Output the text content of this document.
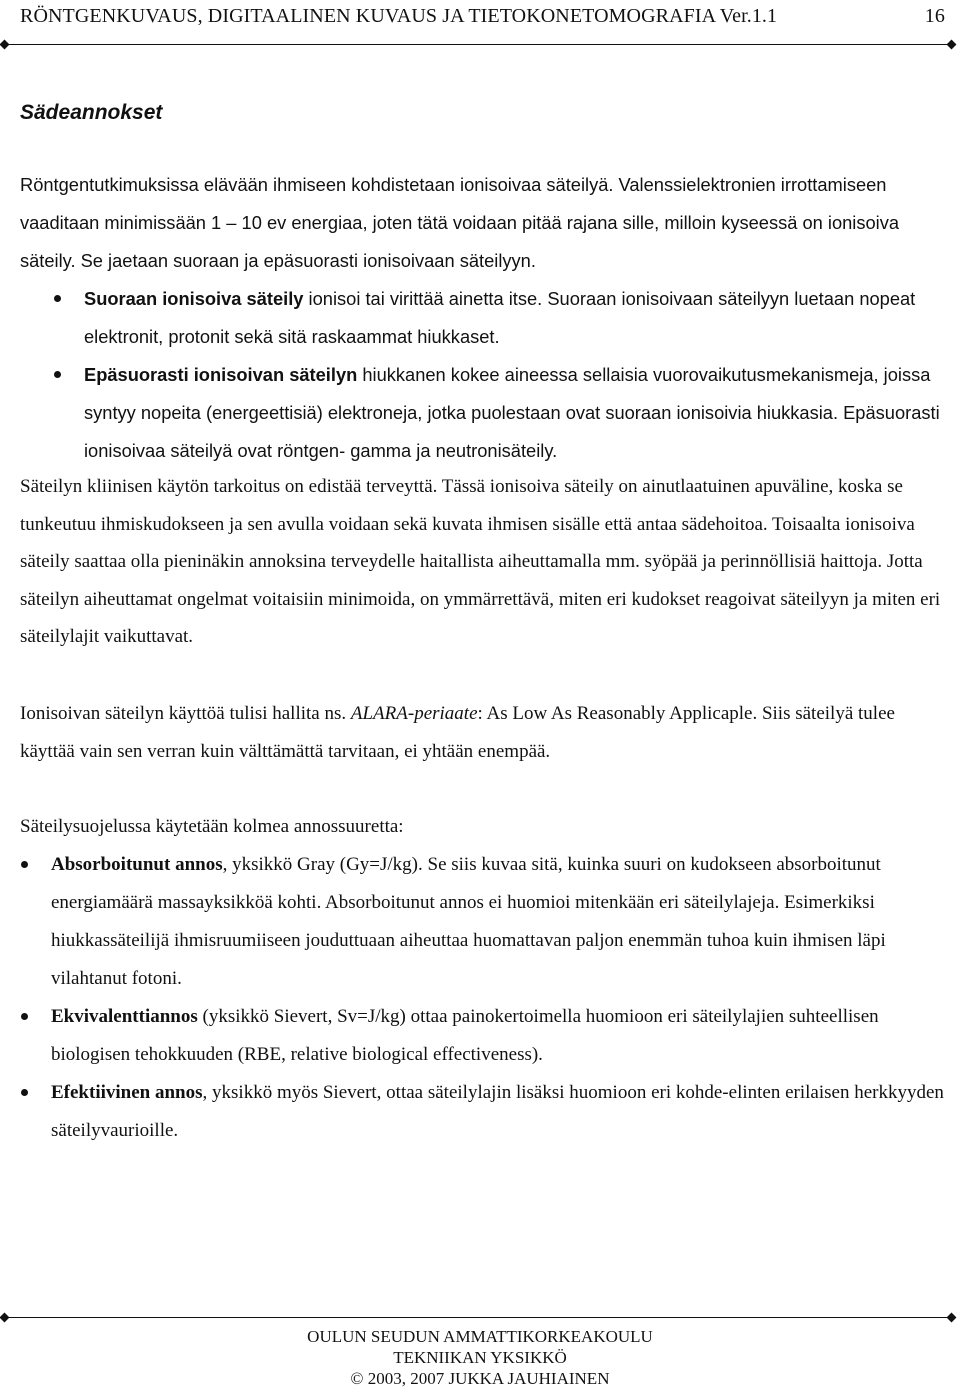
RÖNTGENKUVAUS, DIGITAALINEN KUVAUS JA TIETOKONETOMOGRAFIA Ver.1.1	16
Sädeannokset

Röntgentutkimuksissa elävään ihmiseen kohdistetaan ionisoivaa säteilyä. Valenssielektronien irrottamiseen vaaditaan minimissään 1 – 10 ev energiaa, joten tätä voidaan pitää rajana sille, milloin kyseessä on ionisoiva säteily. Se jaetaan suoraan ja epäsuorasti ionisoivaan säteilyyn.

Suoraan ionisoiva säteily ionisoi tai virittää ainetta itse. Suoraan ionisoivaan säteilyyn luetaan nopeat elektronit, protonit sekä sitä raskaammat hiukkaset.
Epäsuorasti ionisoivan säteilyn hiukkanen kokee aineessa sellaisia vuorovaikutusmekanismeja, joissa syntyy nopeita (energeettisiä) elektroneja, jotka puolestaan ovat suoraan ionisoivia hiukkasia. Epäsuorasti ionisoivaa säteilyä ovat röntgen- gamma ja neutronisäteily.

Säteilyn kliinisen käytön tarkoitus on edistää terveyttä. Tässä ionisoiva säteily on ainutlaatuinen apuväline, koska se tunkeutuu ihmiskudokseen ja sen avulla voidaan sekä kuvata ihmisen sisälle että antaa sädehoitoa. Toisaalta ionisoiva säteily saattaa olla pieninäkin annoksina terveydelle haitallista aiheuttamalla mm. syöpää ja perinnöllisiä haittoja. Jotta säteilyn aiheuttamat ongelmat voitaisiin minimoida, on ymmärrettävä, miten eri kudokset reagoivat säteilyyn ja miten eri säteilylajit vaikuttavat.

Ionisoivan säteilyn käyttöä tulisi hallita ns. ALARA-periaate: As Low As Reasonably Applicaple. Siis säteilyä tulee käyttää vain sen verran kuin välttämättä tarvitaan, ei yhtään enempää.

Säteilysuojelussa käytetään kolmea annossuuretta:

Absorboitunut annos, yksikkö Gray (Gy=J/kg). Se siis kuvaa sitä, kuinka suuri on kudokseen absorboitunut energiamäärä massayksikköä kohti. Absorboitunut annos ei huomioi mitenkään eri säteilylajeja. Esimerkiksi hiukkassäteilijä ihmisruumiiseen jouduttuaan aiheuttaa huomattavan paljon enemmän tuhoa kuin ihmisen läpi vilahtanut fotoni.
Ekvivalenttiannos (yksikkö Sievert, Sv=J/kg) ottaa painokertoimella huomioon eri säteilylajien suhteellisen biologisen tehokkuuden (RBE, relative biological effectiveness).
Efektiivinen annos, yksikkö myös Sievert, ottaa säteilylajin lisäksi huomioon eri kohde-elinten erilaisen herkkyyden säteilyvaurioille.
OULUN SEUDUN AMMATTIKORKEAKOULU
TEKNIIKAN YKSIKKÖ
© 2003, 2007 JUKKA JAUHIAINEN
